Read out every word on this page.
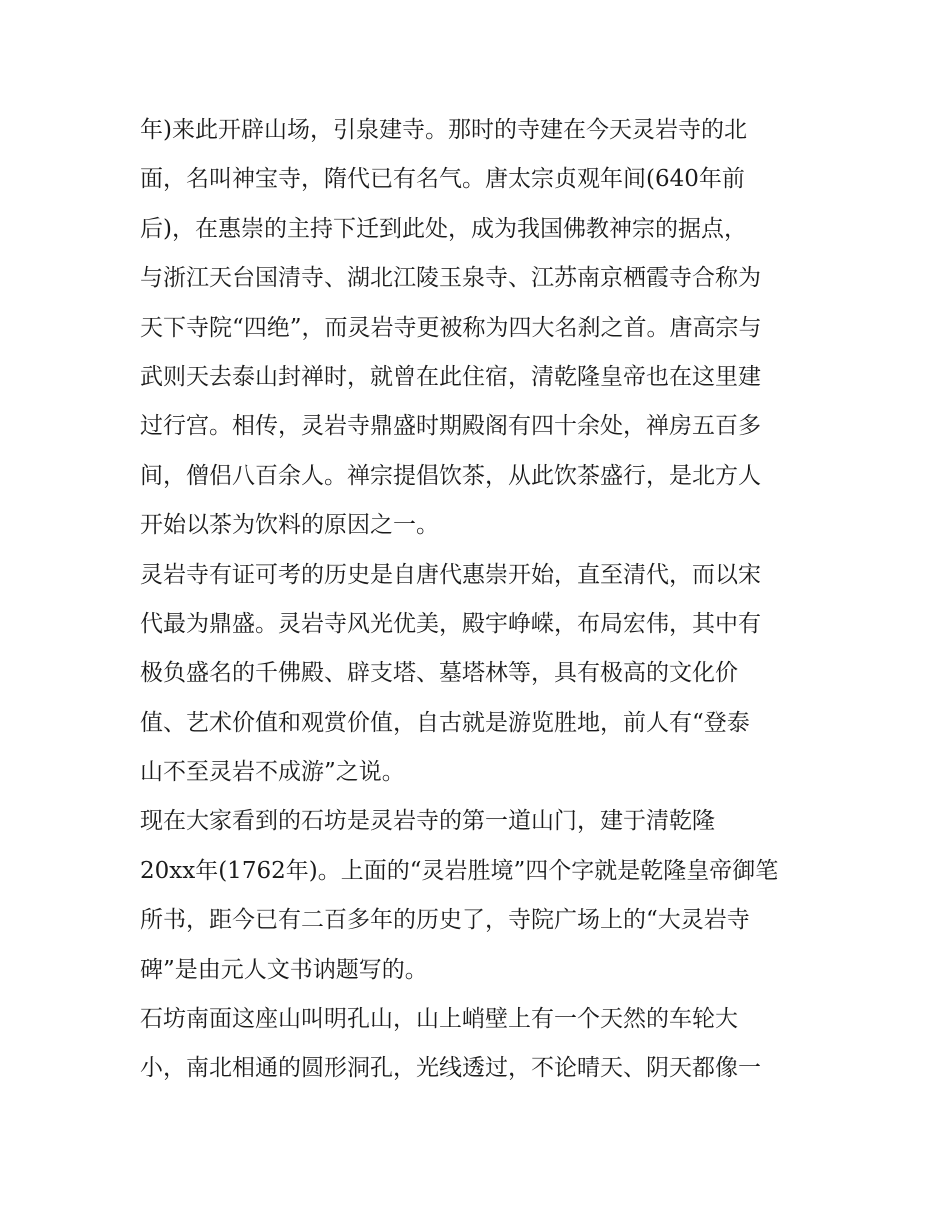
年)来此开辟山场，引泉建寺。那时的寺建在今天灵岩寺的北
面，名叫神宝寺，隋代已有名气。唐太宗贞观年间(640年前
后)，在惠崇的主持下迁到此处，成为我国佛教神宗的据点，
与浙江天台国清寺、湖北江陵玉泉寺、江苏南京栖霞寺合称为
天下寺院“四绝”，而灵岩寺更被称为四大名刹之首。唐高宗与
武则天去泰山封禅时，就曾在此住宿，清乾隆皇帝也在这里建
过行宫。相传，灵岩寺鼎盛时期殿阁有四十余处，禅房五百多
间，僧侣八百余人。禅宗提倡饮茶，从此饮茶盛行，是北方人
开始以茶为饮料的原因之一。
灵岩寺有证可考的历史是自唐代惠崇开始，直至清代，而以宋
代最为鼎盛。灵岩寺风光优美，殿宇峥嵘，布局宏伟，其中有
极负盛名的千佛殿、辟支塔、墓塔林等，具有极高的文化价
值、艺术价值和观赏价值，自古就是游览胜地，前人有“登泰
山不至灵岩不成游”之说。
现在大家看到的石坊是灵岩寺的第一道山门，建于清乾隆
20xx年(1762年)。上面的“灵岩胜境”四个字就是乾隆皇帝御笔
所书，距今已有二百多年的历史了，寺院广场上的“大灵岩寺
碑”是由元人文书讷题写的。
石坊南面这座山叫明孔山，山上峭壁上有一个天然的车轮大
小，南北相通的圆形洞孔，光线透过，不论晴天、阴天都像一
